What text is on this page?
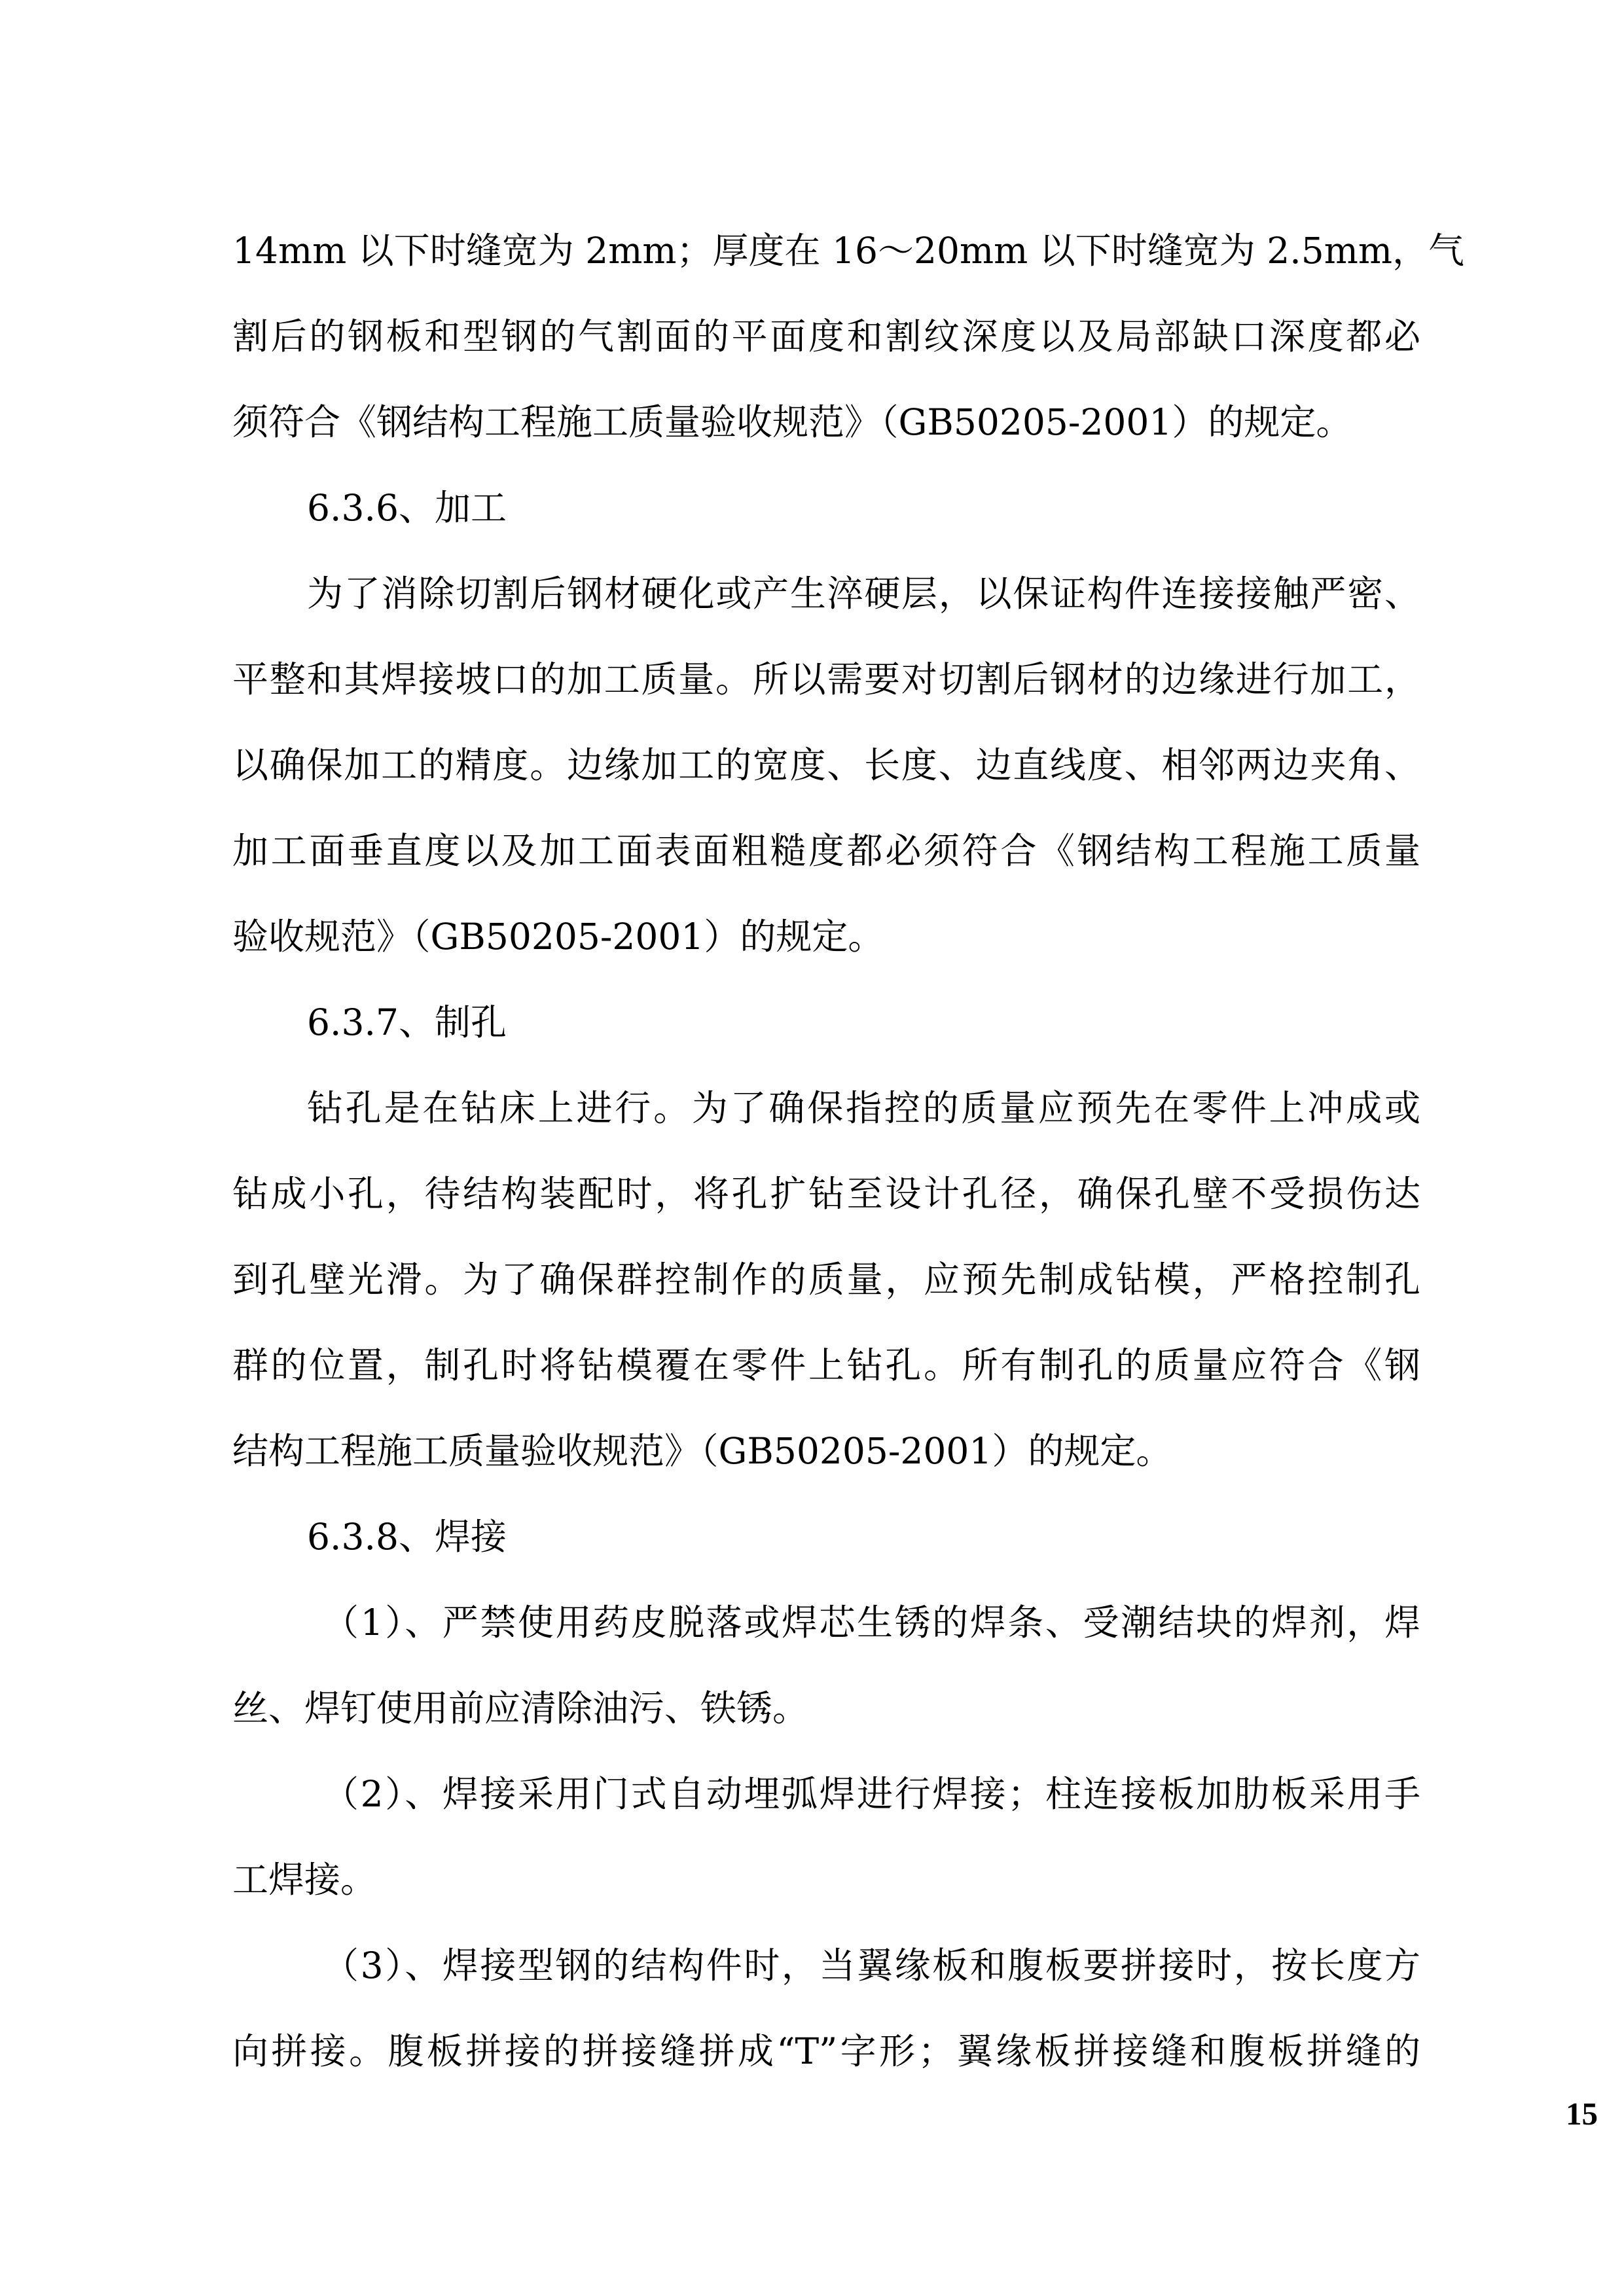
14mm 以下时缝宽为 2mm；厚度在 16～20mm 以下时缝宽为 2.5mm，气
割后的钢板和型钢的气割面的平面度和割纹深度以及局部缺口深度都必
须符合《钢结构工程施工质量验收规范》（GB50205-2001）的规定。
6.3.6、加工
为了消除切割后钢材硬化或产生淬硬层，以保证构件连接接触严密、
平整和其焊接坡口的加工质量。所以需要对切割后钢材的边缘进行加工，
以确保加工的精度。边缘加工的宽度、长度、边直线度、相邻两边夹角、
加工面垂直度以及加工面表面粗糙度都必须符合《钢结构工程施工质量
验收规范》（GB50205-2001）的规定。
6.3.7、制孔
钻孔是在钻床上进行。为了确保指控的质量应预先在零件上冲成或
钻成小孔，待结构装配时，将孔扩钻至设计孔径，确保孔壁不受损伤达
到孔壁光滑。为了确保群控制作的质量，应预先制成钻模，严格控制孔
群的位置，制孔时将钻模覆在零件上钻孔。所有制孔的质量应符合《钢
结构工程施工质量验收规范》（GB50205-2001）的规定。
6.3.8、焊接
（1）、严禁使用药皮脱落或焊芯生锈的焊条、受潮结块的焊剂，焊
丝、焊钉使用前应清除油污、铁锈。
（2）、焊接采用门式自动埋弧焊进行焊接；柱连接板加肋板采用手
工焊接。
（3）、焊接型钢的结构件时，当翼缘板和腹板要拼接时，按长度方
向拼接。腹板拼接的拼接缝拼成“T”字形；翼缘板拼接缝和腹板拼缝的
15
